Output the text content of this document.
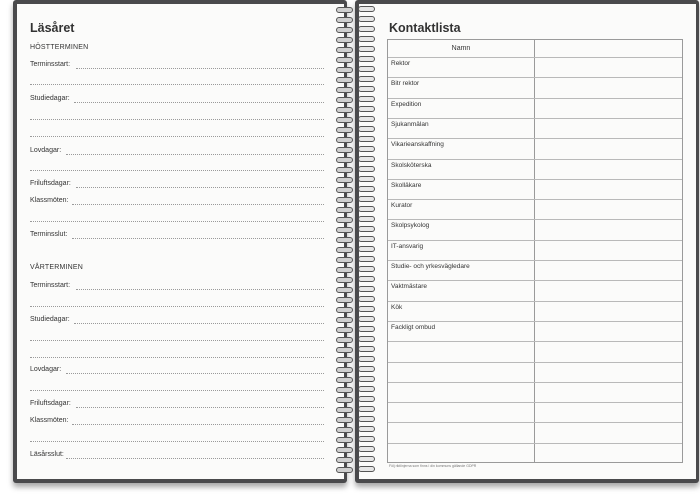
Läsåret
HÖSTTERMINEN
Terminsstart:
Studiedagar:
Lovdagar:
Friluftsdagar:
Klassmöten:
Terminsslut:
VÅRTERMINEN
Terminsstart:
Studiedagar:
Lovdagar:
Friluftsdagar:
Klassmöten:
Läsårsslut:
Kontaktlista
Namn
Rektor
Bitr rektor
Expedition
Sjukanmälan
Vikarieanskaffning
Skolsköterska
Skolläkare
Kurator
Skolpsykolog
IT-ansvarig
Studie- och yrkesvägledare
Vaktmästare
Kök
Fackligt ombud
Följ riktlinjerna som finns i din kommuns gällande GDPR
